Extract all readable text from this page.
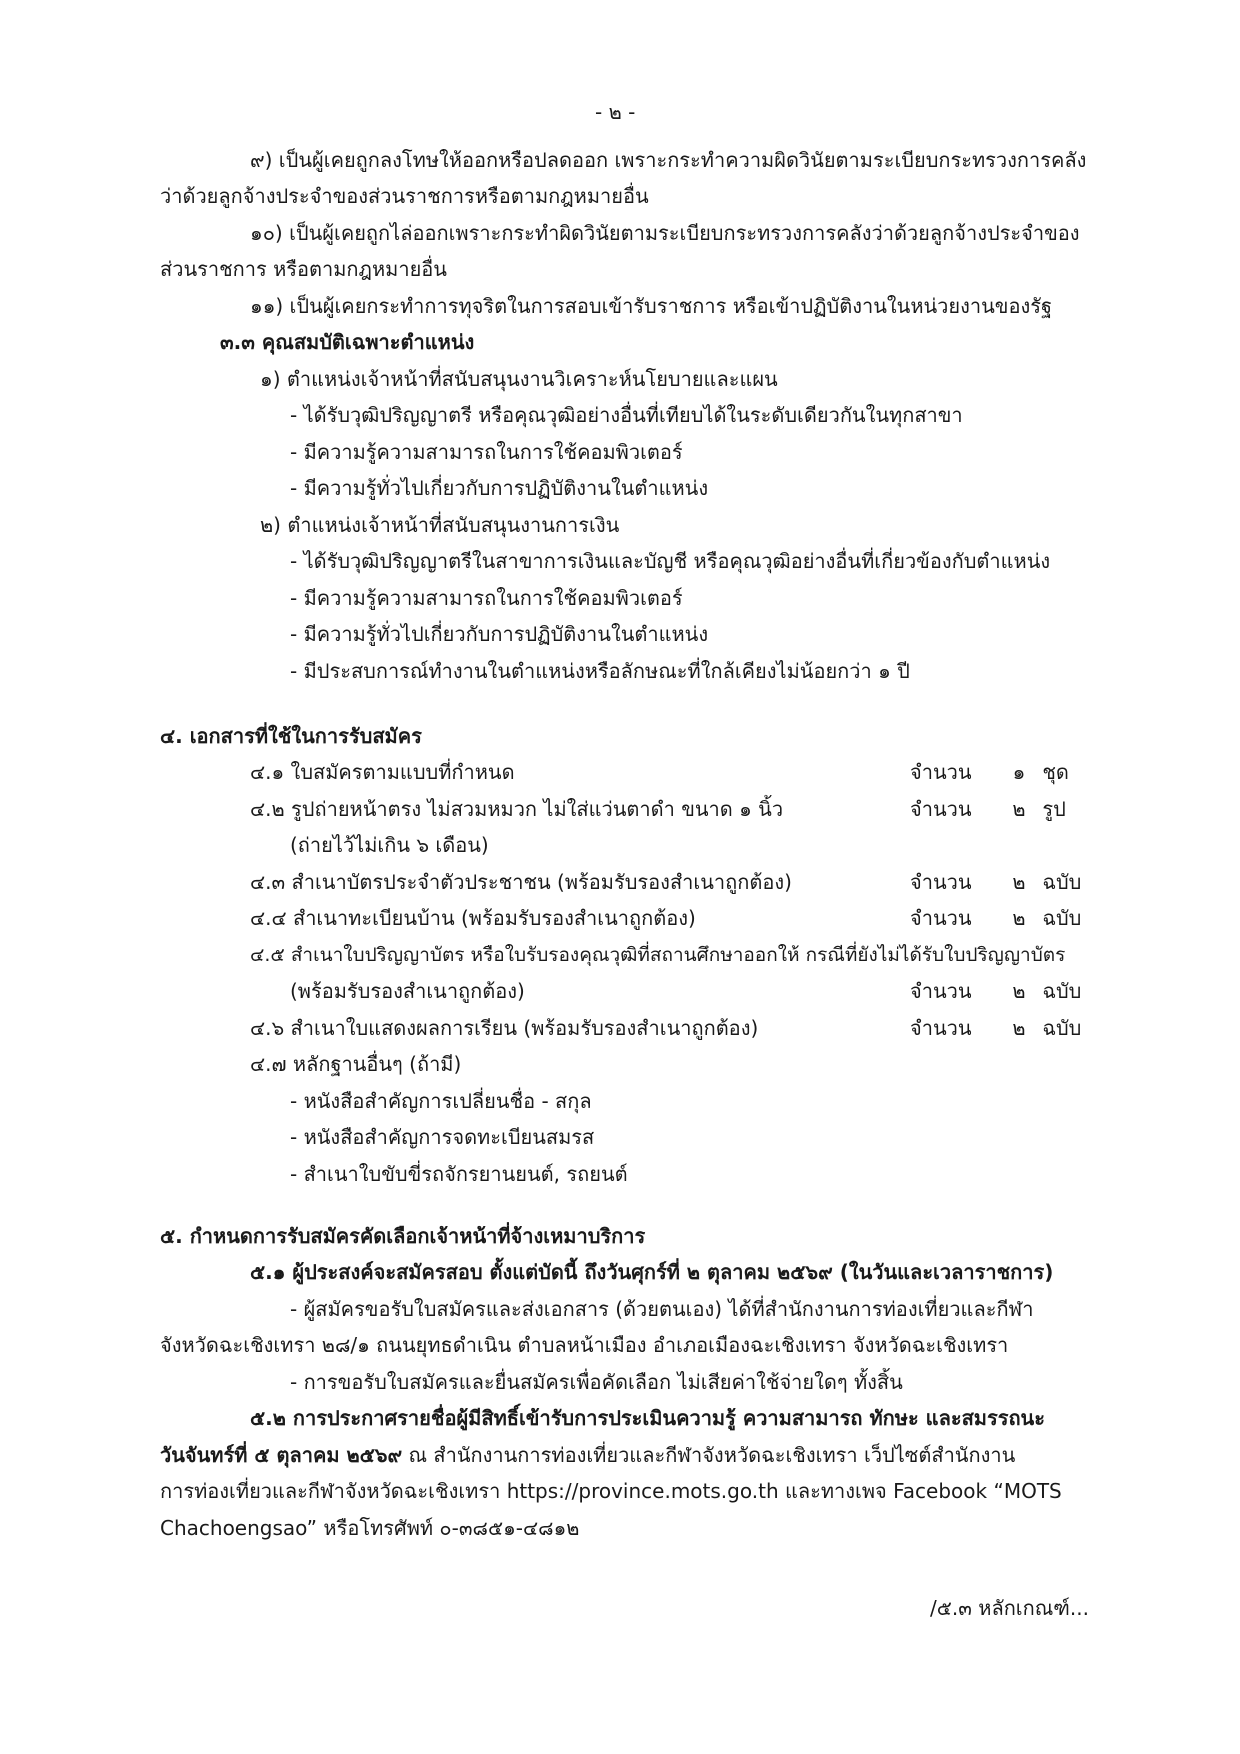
- ๒ -
๙) เป็นผู้เคยถูกลงโทษให้ออกหรือปลดออก เพราะกระทำความผิดวินัยตามระเบียบกระทรวงการคลัง
ว่าด้วยลูกจ้างประจำของส่วนราชการหรือตามกฎหมายอื่น
๑๐) เป็นผู้เคยถูกไล่ออกเพราะกระทำผิดวินัยตามระเบียบกระทรวงการคลังว่าด้วยลูกจ้างประจำของ
ส่วนราชการ หรือตามกฎหมายอื่น
๑๑) เป็นผู้เคยกระทำการทุจริตในการสอบเข้ารับราชการ หรือเข้าปฏิบัติงานในหน่วยงานของรัฐ
๓.๓ คุณสมบัติเฉพาะตำแหน่ง
๑) ตำแหน่งเจ้าหน้าที่สนับสนุนงานวิเคราะห์นโยบายและแผน
- ได้รับวุฒิปริญญาตรี หรือคุณวุฒิอย่างอื่นที่เทียบได้ในระดับเดียวกันในทุกสาขา
- มีความรู้ความสามารถในการใช้คอมพิวเตอร์
- มีความรู้ทั่วไปเกี่ยวกับการปฏิบัติงานในตำแหน่ง
๒) ตำแหน่งเจ้าหน้าที่สนับสนุนงานการเงิน
- ได้รับวุฒิปริญญาตรีในสาขาการเงินและบัญชี หรือคุณวุฒิอย่างอื่นที่เกี่ยวข้องกับตำแหน่ง
- มีความรู้ความสามารถในการใช้คอมพิวเตอร์
- มีความรู้ทั่วไปเกี่ยวกับการปฏิบัติงานในตำแหน่ง
- มีประสบการณ์ทำงานในตำแหน่งหรือลักษณะที่ใกล้เคียงไม่น้อยกว่า ๑ ปี
๔. เอกสารที่ใช้ในการรับสมัคร
๔.๑ ใบสมัครตามแบบที่กำหนด	จำนวน ๑ ชุด
๔.๒ รูปถ่ายหน้าตรง ไม่สวมหมวก ไม่ใส่แว่นตาดำ ขนาด ๑ นิ้ว	จำนวน ๒ รูป
(ถ่ายไว้ไม่เกิน ๖ เดือน)
๔.๓ สำเนาบัตรประจำตัวประชาชน (พร้อมรับรองสำเนาถูกต้อง)	จำนวน ๒ ฉบับ
๔.๔ สำเนาทะเบียนบ้าน (พร้อมรับรองสำเนาถูกต้อง)	จำนวน ๒ ฉบับ
๔.๕ สำเนาใบปริญญาบัตร หรือใบรับรองคุณวุฒิที่สถานศึกษาออกให้ กรณีที่ยังไม่ได้รับใบปริญญาบัตร
(พร้อมรับรองสำเนาถูกต้อง)	จำนวน ๒ ฉบับ
๔.๖ สำเนาใบแสดงผลการเรียน (พร้อมรับรองสำเนาถูกต้อง)	จำนวน ๒ ฉบับ
๔.๗ หลักฐานอื่นๆ (ถ้ามี)
- หนังสือสำคัญการเปลี่ยนชื่อ - สกุล
- หนังสือสำคัญการจดทะเบียนสมรส
- สำเนาใบขับขี่รถจักรยานยนต์, รถยนต์
๕. กำหนดการรับสมัครคัดเลือกเจ้าหน้าที่จ้างเหมาบริการ
๕.๑ ผู้ประสงค์จะสมัครสอบ ตั้งแต่บัดนี้ ถึงวันศุกร์ที่ ๒ ตุลาคม ๒๕๖๙ (ในวันและเวลาราชการ)
- ผู้สมัครขอรับใบสมัครและส่งเอกสาร (ด้วยตนเอง) ได้ที่สำนักงานการท่องเที่ยวและกีฬา
จังหวัดฉะเชิงเทรา ๒๘/๑ ถนนยุทธดำเนิน ตำบลหน้าเมือง อำเภอเมืองฉะเชิงเทรา จังหวัดฉะเชิงเทรา
- การขอรับใบสมัครและยื่นสมัครเพื่อคัดเลือก ไม่เสียค่าใช้จ่ายใดๆ ทั้งสิ้น
๕.๒ การประกาศรายชื่อผู้มีสิทธิ์เข้ารับการประเมินความรู้ ความสามารถ ทักษะ และสมรรถนะ
วันจันทร์ที่ ๕ ตุลาคม ๒๕๖๙ ณ สำนักงานการท่องเที่ยวและกีฬาจังหวัดฉะเชิงเทรา เว็ปไซต์สำนักงาน
การท่องเที่ยวและกีฬาจังหวัดฉะเชิงเทรา https://province.mots.go.th และทางเพจ Facebook “MOTS
Chachoengsao” หรือโทรศัพท์ ๐-๓๘๕๑-๔๘๑๒
/๕.๓ หลักเกณฑ์...
